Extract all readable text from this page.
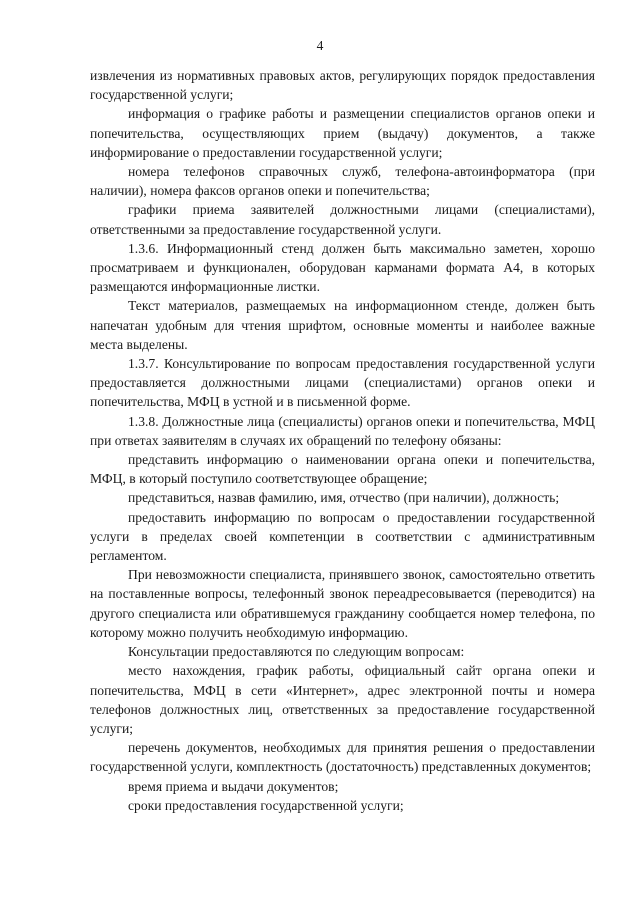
4

извлечения из нормативных правовых актов, регулирующих порядок предоставления государственной услуги;

информация о графике работы и размещении специалистов органов опеки и попечительства, осуществляющих прием (выдачу) документов, а также информирование о предоставлении государственной услуги;

номера телефонов справочных служб, телефона-автоинформатора (при наличии), номера факсов органов опеки и попечительства;

графики приема заявителей должностными лицами (специалистами), ответственными за предоставление государственной услуги.

1.3.6. Информационный стенд должен быть максимально заметен, хорошо просматриваем и функционален, оборудован карманами формата А4, в которых размещаются информационные листки.

Текст материалов, размещаемых на информационном стенде, должен быть напечатан удобным для чтения шрифтом, основные моменты и наиболее важные места выделены.

1.3.7. Консультирование по вопросам предоставления государственной услуги предоставляется должностными лицами (специалистами) органов опеки и попечительства, МФЦ в устной и в письменной форме.

1.3.8. Должностные лица (специалисты) органов опеки и попечительства, МФЦ при ответах заявителям в случаях их обращений по телефону обязаны:

представить информацию о наименовании органа опеки и попечительства, МФЦ, в который поступило соответствующее обращение;

представиться, назвав фамилию, имя, отчество (при наличии), должность;

предоставить информацию по вопросам о предоставлении государственной услуги в пределах своей компетенции в соответствии с административным регламентом.

При невозможности специалиста, принявшего звонок, самостоятельно ответить на поставленные вопросы, телефонный звонок переадресовывается (переводится) на другого специалиста или обратившемуся гражданину сообщается номер телефона, по которому можно получить необходимую информацию.

Консультации предоставляются по следующим вопросам:

место нахождения, график работы, официальный сайт органа опеки и попечительства, МФЦ в сети «Интернет», адрес электронной почты и номера телефонов должностных лиц, ответственных за предоставление государственной услуги;

перечень документов, необходимых для принятия решения о предоставлении государственной услуги, комплектность (достаточность) представленных документов;

время приема и выдачи документов;

сроки предоставления государственной услуги;
